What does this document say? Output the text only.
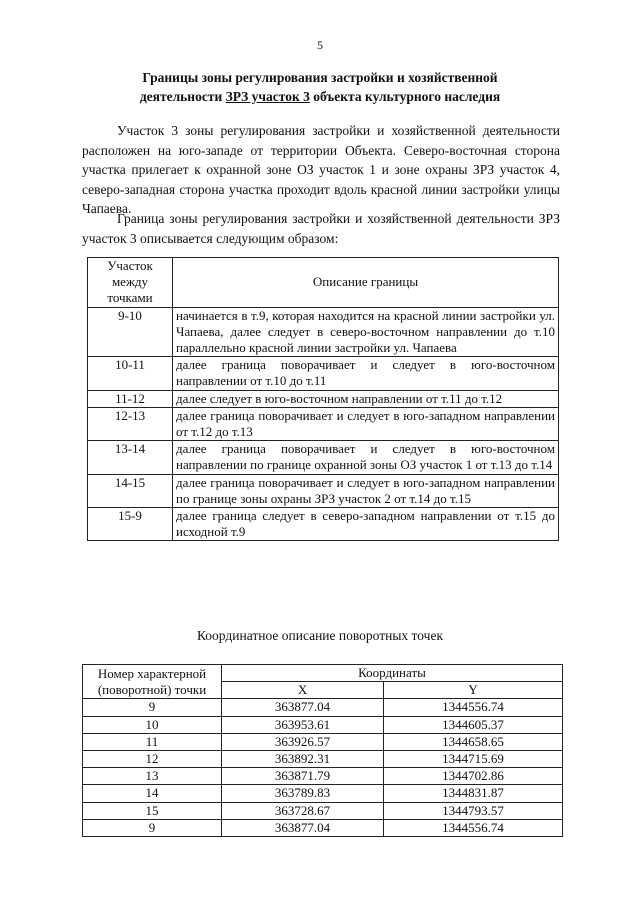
5
Границы зоны регулирования застройки и хозяйственной
деятельности ЗРЗ участок 3 объекта культурного наследия
Участок 3 зоны регулирования застройки и хозяйственной деятельности расположен на юго-западе от территории Объекта. Северо-восточная сторона участка прилегает к охранной зоне ОЗ участок 1 и зоне охраны ЗРЗ участок 4, северо-западная сторона участка проходит вдоль красной линии застройки улицы Чапаева.
Граница зоны регулирования застройки и хозяйственной деятельности ЗРЗ участок 3 описывается следующим образом:
Участок
между
точками	Описание границы
9-10	начинается в т.9, которая находится на красной линии застройки ул. Чапаева, далее следует в северо-восточном направлении до т.10 параллельно красной линии застройки ул. Чапаева
10-11	далее граница поворачивает и следует в юго-восточном направлении от т.10 до т.11
11-12	далее следует в юго-восточном направлении от т.11 до т.12
12-13	далее граница поворачивает и следует в юго-западном направлении от т.12 до т.13
13-14	далее граница поворачивает и следует в юго-восточном направлении по границе охранной зоны ОЗ участок 1 от т.13 до т.14
14-15	далее граница поворачивает и следует в юго-западном направлении по границе зоны охраны ЗРЗ участок 2 от т.14 до т.15
15-9	далее граница следует в северо-западном направлении от т.15 до исходной т.9
Координатное описание поворотных точек
Номер характерной
(поворотной) точки	Координаты	
	X	Y
9	363877.04	1344556.74
10	363953.61	1344605.37
11	363926.57	1344658.65
12	363892.31	1344715.69
13	363871.79	1344702.86
14	363789.83	1344831.87
15	363728.67	1344793.57
9	363877.04	1344556.74
